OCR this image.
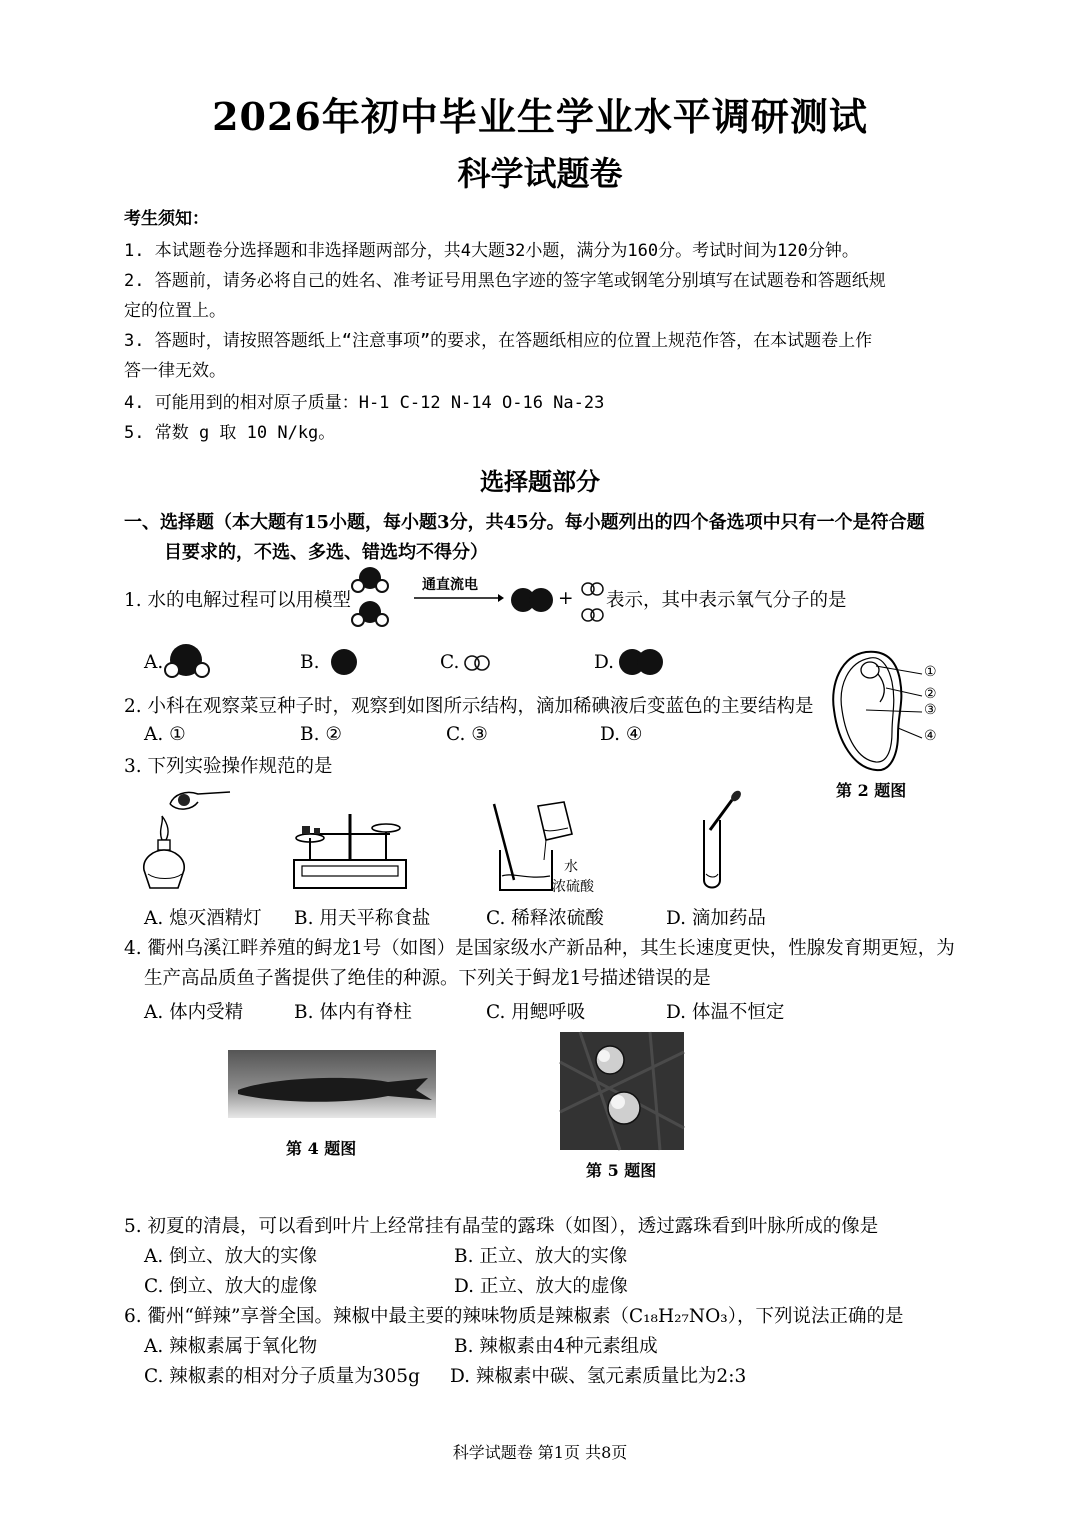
2026年初中毕业生学业水平调研测试
科学试题卷
考生须知：
1. 本试题卷分选择题和非选择题两部分，共4大题32小题，满分为160分。考试时间为120分钟。
2. 答题前，请务必将自己的姓名、准考证号用黑色字迹的签字笔或钢笔分别填写在试题卷和答题纸规
定的位置上。
3. 答题时，请按照答题纸上“注意事项”的要求，在答题纸相应的位置上规范作答，在本试题卷上作
答一律无效。
4. 可能用到的相对原子质量：H-1 C-12 N-14 O-16 Na-23
5. 常数 g 取 10 N/kg。
选择题部分
一、选择题（本大题有15小题，每小题3分，共45分。每小题列出的四个备选项中只有一个是符合题
目要求的，不选、多选、错选均不得分）
1. 水的电解过程可以用模型
通直流电
+ 表示，其中表示氧气分子的是
A.	B.	C.	D.	①
②
③
④
第 2 题图
2. 小科在观察菜豆种子时，观察到如图所示结构，滴加稀碘液后变蓝色的主要结构是
A. ①	B. ②	C. ③	D. ④
3. 下列实验操作规范的是
水
浓硫酸
A. 熄灭酒精灯 B. 用天平称食盐	C. 稀释浓硫酸	D. 滴加药品
4. 衢州乌溪江畔养殖的鲟龙1号（如图）是国家级水产新品种，其生长速度更快，性腺发育期更短，为
生产高品质鱼子酱提供了绝佳的种源。下列关于鲟龙1号描述错误的是
A. 体内受精	B. 体内有脊柱	C. 用鳃呼吸	D. 体温不恒定
第 4 题图
第 5 题图
5. 初夏的清晨，可以看到叶片上经常挂有晶莹的露珠（如图），透过露珠看到叶脉所成的像是
A. 倒立、放大的实像	B. 正立、放大的实像
C. 倒立、放大的虚像	D. 正立、放大的虚像
6. 衢州“鲜辣”享誉全国。辣椒中最主要的辣味物质是辣椒素（C₁₈H₂₇NO₃），下列说法正确的是
A. 辣椒素属于氧化物	B. 辣椒素由4种元素组成
C. 辣椒素的相对分子质量为305g D. 辣椒素中碳、氢元素质量比为2:3
科学试题卷 第1页 共8页
